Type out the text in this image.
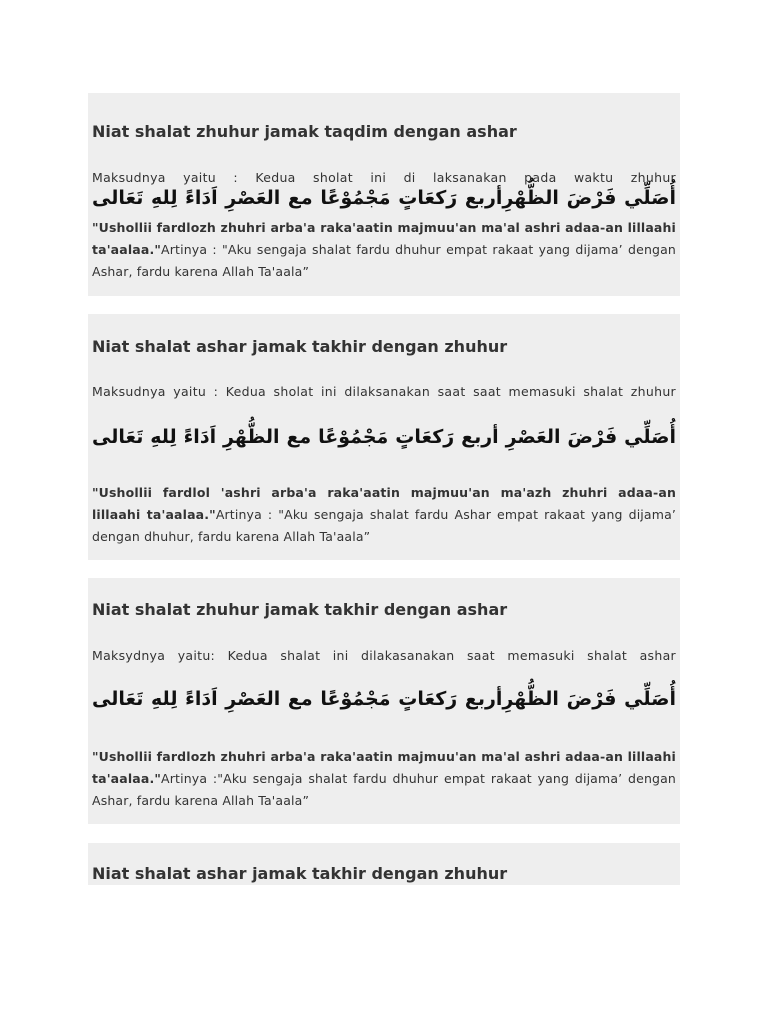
Niat shalat zhuhur jamak taqdim dengan ashar
Maksudnya yaitu : Kedua sholat ini di laksanakan pada waktu zhuhur
أُصَلِّي فَرْضَ الظُّهْرِأربع رَكعَاتٍ مَجْمُوْعًا مع العَصْرِ اَدَاءً لِلهِ تَعَالى
"Ushollii fardlozh zhuhri arba'a raka'aatin majmuu'an ma'al ashri adaa-an lillaahi ta'aalaa."Artinya : "Aku sengaja shalat fardu dhuhur empat rakaat yang dijama’ dengan Ashar, fardu karena Allah Ta'aala”
Niat shalat ashar jamak takhir dengan zhuhur
Maksudnya yaitu : Kedua sholat ini dilaksanakan saat saat memasuki shalat zhuhur
أُصَلِّي فَرْضَ العَصْرِ أربع رَكعَاتٍ مَجْمُوْعًا مع الظُّهْرِ اَدَاءً لِلهِ تَعَالى
"Ushollii fardlol 'ashri arba'a raka'aatin majmuu'an ma'azh zhuhri adaa-an lillaahi ta'aalaa."Artinya : "Aku sengaja shalat fardu Ashar empat rakaat yang dijama’ dengan dhuhur, fardu karena Allah Ta'aala”
Niat shalat zhuhur jamak takhir dengan ashar
Maksydnya yaitu: Kedua shalat ini dilakasanakan saat memasuki shalat ashar
أُصَلِّي فَرْضَ الظُّهْرِأربع رَكعَاتٍ مَجْمُوْعًا مع العَصْرِ اَدَاءً لِلهِ تَعَالى
"Ushollii fardlozh zhuhri arba'a raka'aatin majmuu'an ma'al ashri adaa-an lillaahi ta'aalaa."Artinya :"Aku sengaja shalat fardu dhuhur empat rakaat yang dijama’ dengan Ashar, fardu karena Allah Ta'aala”
Niat shalat ashar jamak takhir dengan zhuhur
